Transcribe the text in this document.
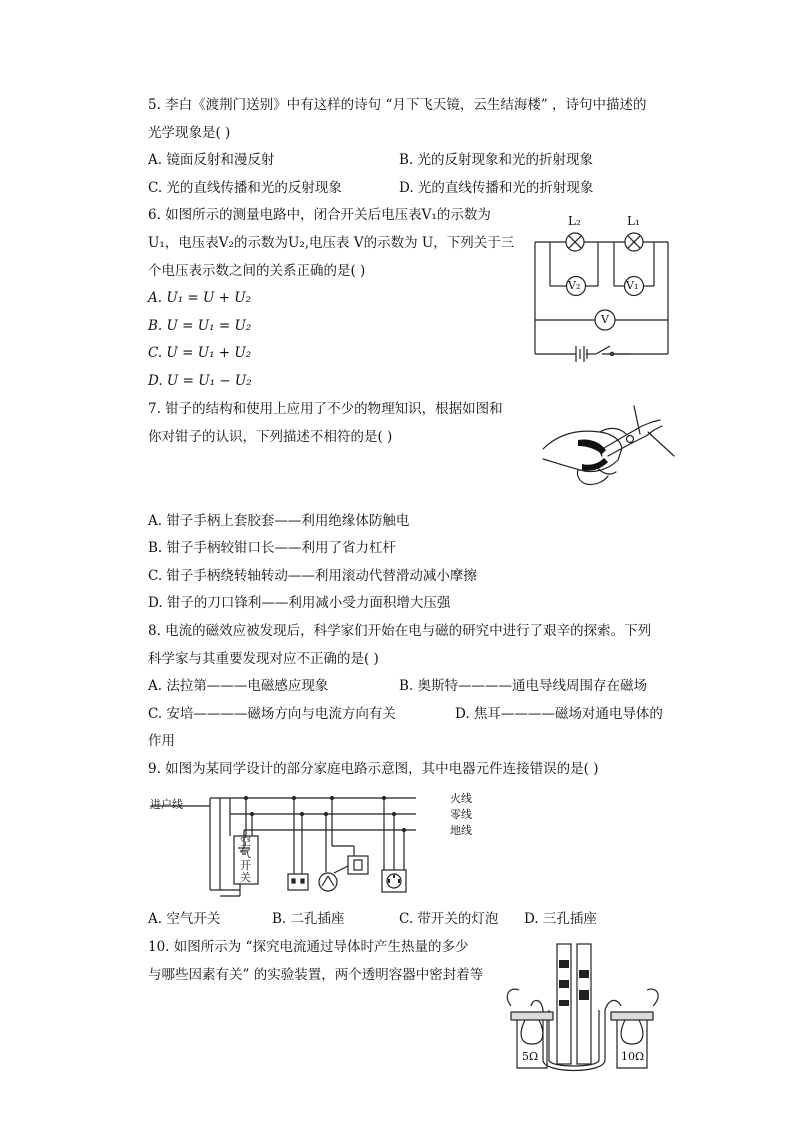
5. 李白《渡荆门送别》中有这样的诗句 “月下飞天镜，云生结海楼” ，诗句中描述的
光学现象是( )
A. 镜面反射和漫反射	B. 光的反射现象和光的折射现象
C. 光的直线传播和光的反射现象	D. 光的直线传播和光的折射现象
6. 如图所示的测量电路中，闭合开关后电压表V₁的示数为
U₁，电压表V₂的示数为U₂,电压表 V的示数为 U，下列关于三
个电压表示数之间的关系正确的是( )
A. U₁ = U + U₂
B. U = U₁ = U₂
C. U = U₁ + U₂
D. U = U₁ − U₂
L₂	L₁
V₂	V₁
V
7. 钳子的结构和使用上应用了不少的物理知识，根据如图和
你对钳子的认识，下列描述不相符的是( )
A. 钳子手柄上套胶套——利用绝缘体防触电
B. 钳子手柄较钳口长——利用了省力杠杆
C. 钳子手柄绕转轴转动——利用滚动代替滑动减小摩擦
D. 钳子的刀口锋利——利用减小受力面积增大压强
8. 电流的磁效应被发现后，科学家们开始在电与磁的研究中进行了艰辛的探索。下列
科学家与其重要发现对应不正确的是( )
A. 法拉第———电磁感应现象	B. 奥斯特————通电导线周围存在磁场
C. 安培————磁场方向与电流方向有关	D. 焦耳————磁场对通电导体的
作用
9. 如图为某同学设计的部分家庭电路示意图，其中电器元件连接错误的是( )
进户线	火线
零线
地线
空
气
开
关
A. 空气开关	B. 二孔插座	C. 带开关的灯泡 D. 三孔插座
10. 如图所示为 “探究电流通过导体时产生热量的多少
与哪些因素有关” 的实验装置，两个透明容器中密封着等
5Ω	10Ω
